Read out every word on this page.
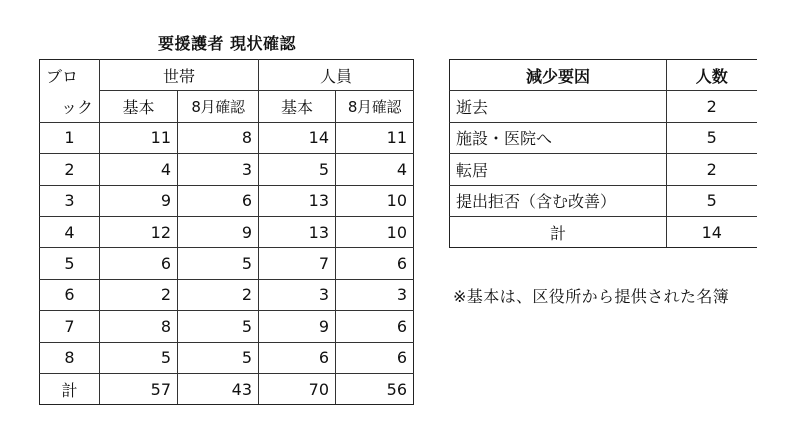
要援護者 現状確認
ブロ	世帯		人員	
ック	基本	8月確認	基本	8月確認
1	11	8	14	11
2	4	3	5	4
3	9	6	13	10
4	12	9	13	10
5	6	5	7	6
6	2	2	3	3
7	8	5	9	6
8	5	5	6	6
計	57	43	70	56
減少要因	人数
逝去	2
施設・医院へ	5
転居	2
提出拒否（含む改善）	5
計	14
※基本は、区役所から提供された名簿
